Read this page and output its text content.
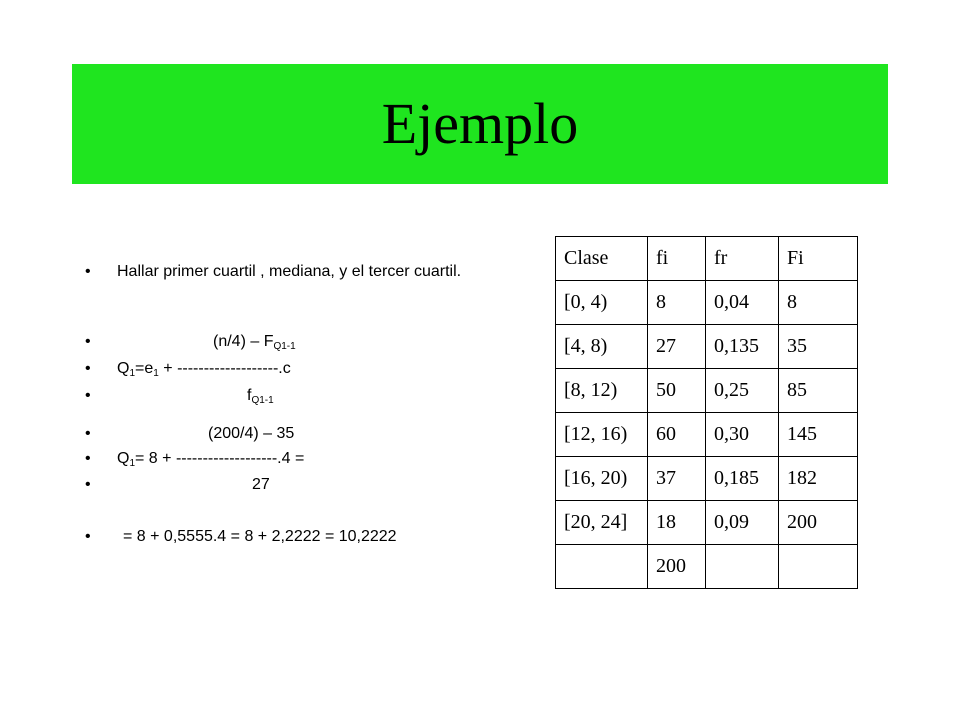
Ejemplo
• Hallar primer cuartil , mediana, y el tercer cuartil.
•	$(n/4) - F_{Q1-1}$
• $Q_1=e_1 + -------------------.c$
•	$f_{Q1-1}$
•	(200/4) – 35
• $Q_1= 8 + -------------------.4$ =
•	27
• = 8 + 0,5555.4 = 8 + 2,2222 = 10,2222
Clase	fi	fr	Fi
[0, 4)	8	0,04	8
[4, 8)	27	0,135	35
[8, 12)	50	0,25	85
[12, 16)	60	0,30	145
[16, 20)	37	0,185	182
[20, 24]	18	0,09	200
	200		
